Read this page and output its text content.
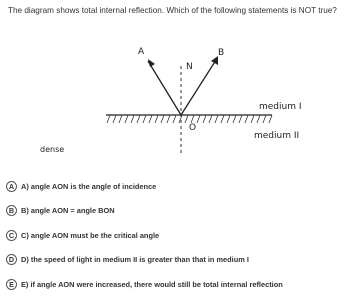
The diagram shows total internal reflection. Which of the following statements is NOT true?
A	B
N
O
medium I
medium II
dense
A A) angle AON is the angle of incidence
B B) angle AON = angle BON
C C) angle AON must be the critical angle
D D) the speed of light in medium II is greater than that in medium I
E E) if angle AON were increased, there would still be total internal reflection
